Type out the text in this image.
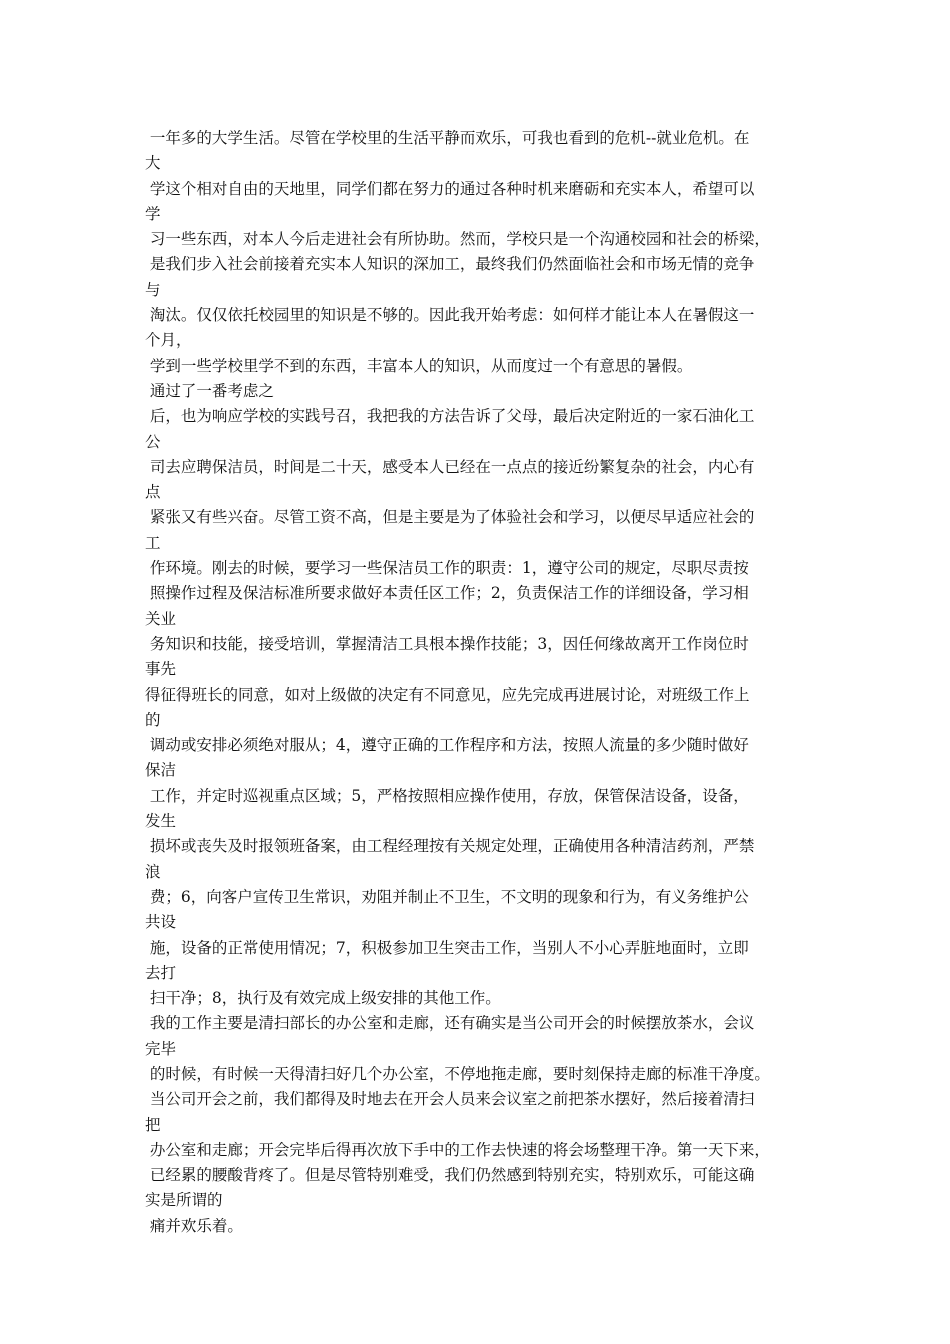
一年多的大学生活。尽管在学校里的生活平静而欢乐，可我也看到的危机--就业危机。在

大

学这个相对自由的天地里，同学们都在努力的通过各种时机来磨砺和充实本人，希望可以

学

习一些东西，对本人今后走进社会有所协助。然而，学校只是一个沟通校园和社会的桥梁，

是我们步入社会前接着充实本人知识的深加工，最终我们仍然面临社会和市场无情的竞争

与

淘汰。仅仅依托校园里的知识是不够的。因此我开始考虑：如何样才能让本人在暑假这一

个月，

学到一些学校里学不到的东西，丰富本人的知识，从而度过一个有意思的暑假。

通过了一番考虑之

后，也为响应学校的实践号召，我把我的方法告诉了父母，最后决定附近的一家石油化工

公

司去应聘保洁员，时间是二十天，感受本人已经在一点点的接近纷繁复杂的社会，内心有

点

紧张又有些兴奋。尽管工资不高，但是主要是为了体验社会和学习，以便尽早适应社会的

工

作环境。刚去的时候，要学习一些保洁员工作的职责：1，遵守公司的规定，尽职尽责按

照操作过程及保洁标准所要求做好本责任区工作；2，负责保洁工作的详细设备，学习相

关业

务知识和技能，接受培训，掌握清洁工具根本操作技能；3，因任何缘故离开工作岗位时

事先

得征得班长的同意，如对上级做的决定有不同意见，应先完成再进展讨论，对班级工作上

的

调动或安排必须绝对服从；4，遵守正确的工作程序和方法，按照人流量的多少随时做好

保洁

工作，并定时巡视重点区域；5，严格按照相应操作使用，存放，保管保洁设备，设备，

发生

损坏或丧失及时报领班备案，由工程经理按有关规定处理，正确使用各种清洁药剂，严禁

浪

费；6，向客户宣传卫生常识，劝阻并制止不卫生，不文明的现象和行为，有义务维护公

共设

施，设备的正常使用情况；7，积极参加卫生突击工作，当别人不小心弄脏地面时，立即

去打

扫干净；8，执行及有效完成上级安排的其他工作。

我的工作主要是清扫部长的办公室和走廊，还有确实是当公司开会的时候摆放茶水，会议

完毕

的时候，有时候一天得清扫好几个办公室，不停地拖走廊，要时刻保持走廊的标准干净度。

当公司开会之前，我们都得及时地去在开会人员来会议室之前把茶水摆好，然后接着清扫

把

办公室和走廊；开会完毕后得再次放下手中的工作去快速的将会场整理干净。第一天下来，

已经累的腰酸背疼了。但是尽管特别难受，我们仍然感到特别充实，特别欢乐，可能这确

实是所谓的

痛并欢乐着。
